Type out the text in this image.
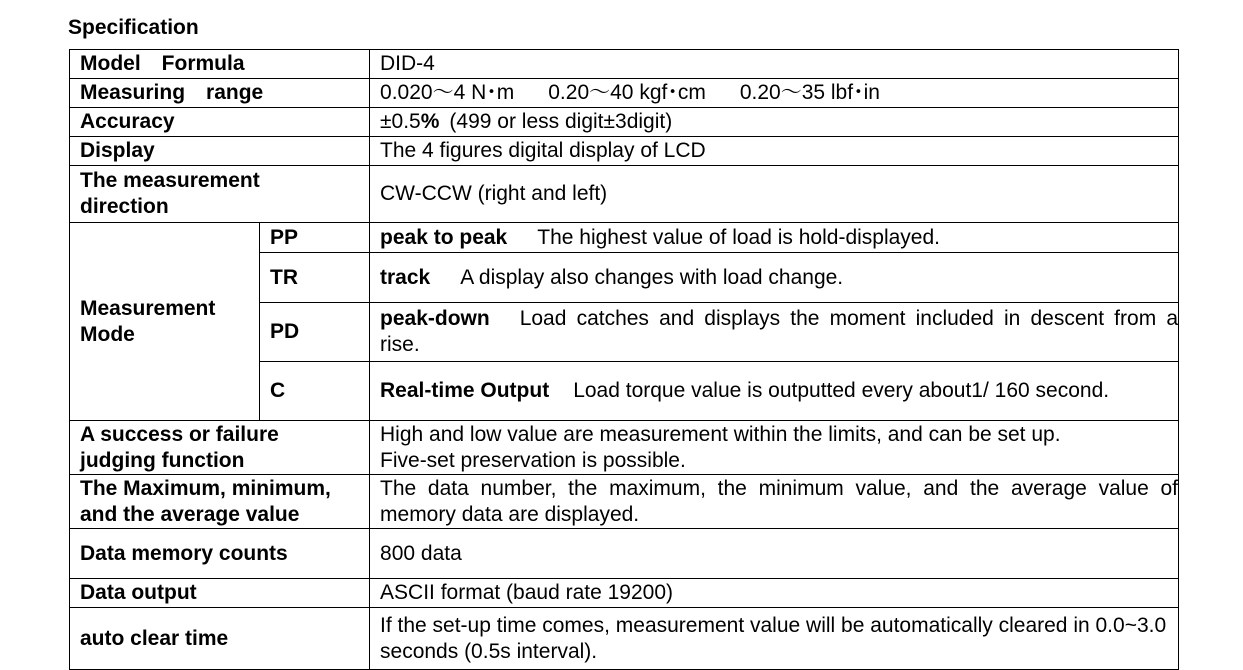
Specification
Model　Formula		DID-4
Measuring　range		0.020〜4 N･m 0.20〜40 kgf･cm 0.20〜35 lbf･in
Accuracy		±0.5% (499 or less digit±3digit)
Display		The 4 figures digital display of LCD
The measurement
direction		CW-CCW (right and left)
Measurement
Mode	PP	peak to peak The highest value of load is hold-displayed.
	TR	track A display also changes with load change.
	PD	peak-down Load catches and displays the moment included in descent from a rise.
	C	Real-time Output Load torque value is outputted every about1/ 160 second.
A success or failure
judging function		High and low value are measurement within the limits, and can be set up.
Five-set preservation is possible.
The Maximum, minimum,
and the average value		The data number, the maximum, the minimum value, and the average value of memory data are displayed.
Data memory counts		800 data
Data output		ASCII format (baud rate 19200)
auto clear time		If the set-up time comes, measurement value will be automatically cleared in 0.0~3.0 seconds (0.5s interval).
